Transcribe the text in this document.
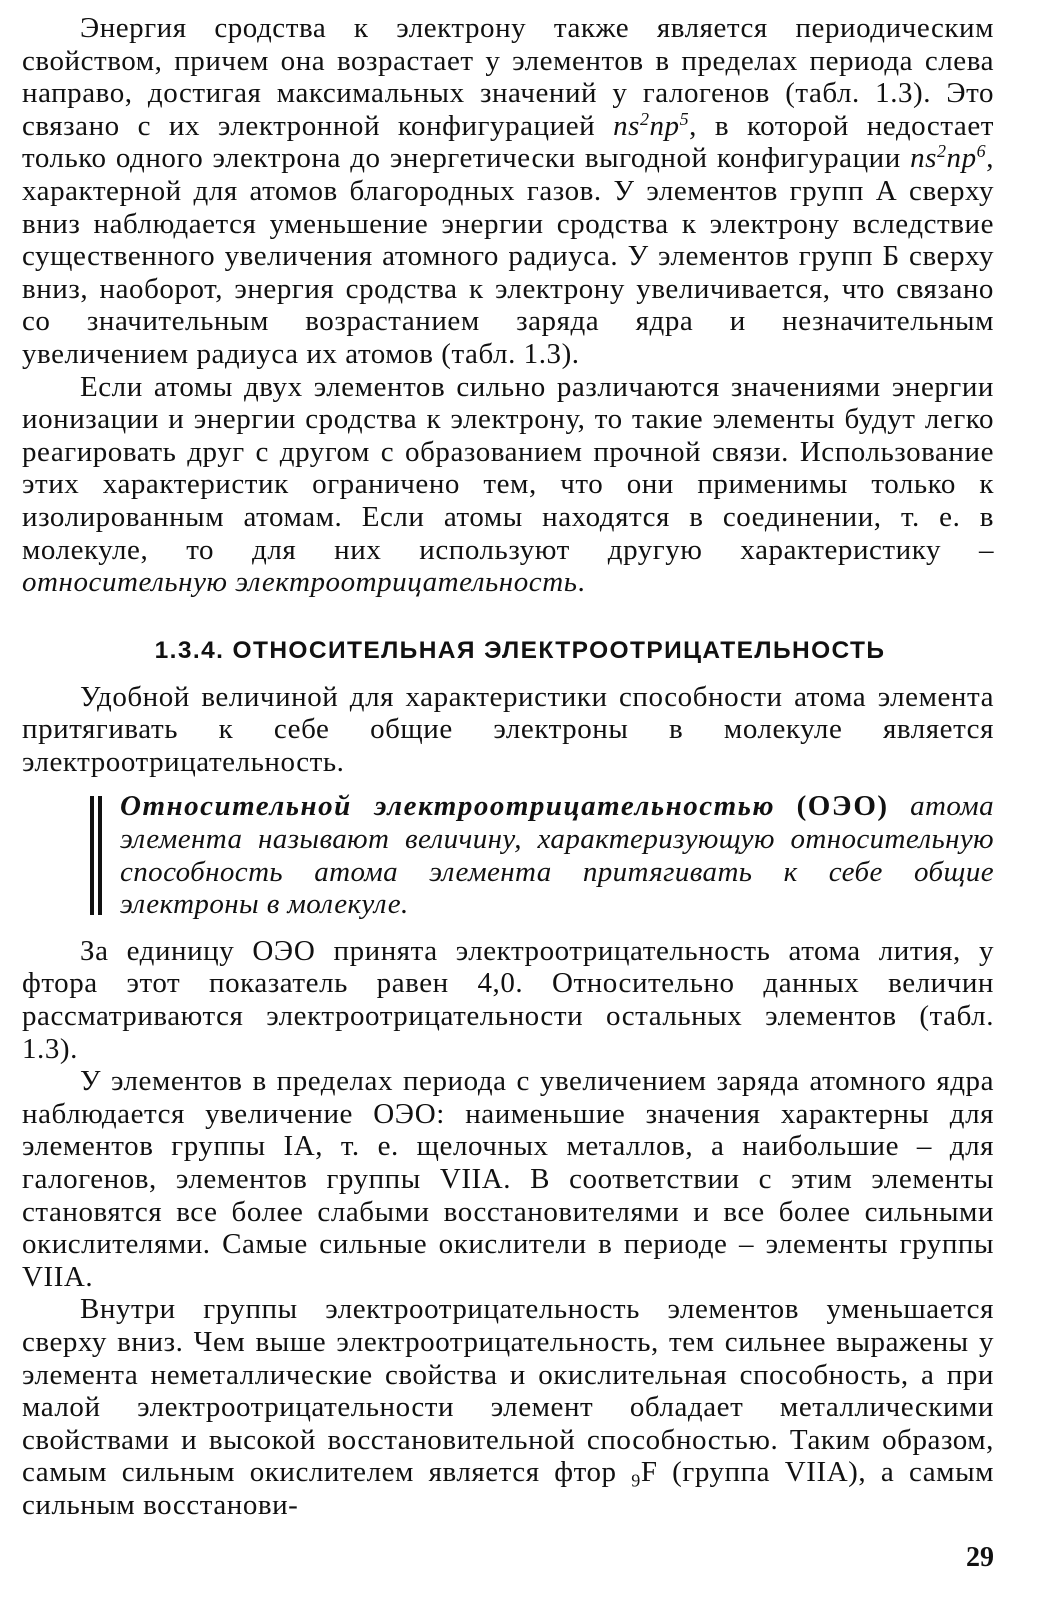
Энергия сродства к электрону также является периодическим свойством, причем она возрастает у элементов в пределах периода слева направо, достигая максимальных значений у галогенов (табл. 1.3). Это связано с их электронной конфигурацией $ns^2np^5$, в которой недостает только одного электрона до энергетически выгодной конфигурации $ns^2np^6$, характерной для атомов благородных газов. У элементов групп А сверху вниз наблюдается уменьшение энергии сродства к электрону вследствие существенного увеличения атомного радиуса. У элементов групп Б сверху вниз, наоборот, энергия сродства к электрону увеличивается, что связано со значительным возрастанием заряда ядра и незначительным увеличением радиуса их атомов (табл. 1.3).

Если атомы двух элементов сильно различаются значениями энергии ионизации и энергии сродства к электрону, то такие элементы будут легко реагировать друг с другом с образованием прочной связи. Использование этих характеристик ограничено тем, что они применимы только к изолированным атомам. Если атомы находятся в соединении, т. е. в молекуле, то для них используют другую характеристику – относительную электроотрицательность.

1.3.4. ОТНОСИТЕЛЬНАЯ ЭЛЕКТРООТРИЦАТЕЛЬНОСТЬ

Удобной величиной для характеристики способности атома элемента притягивать к себе общие электроны в молекуле является электроотрицательность.

Относительной электроотрицательностью (ОЭО) атома элемента называют величину, характеризующую относительную способность атома элемента притягивать к себе общие электроны в молекуле.

За единицу ОЭО принята электроотрицательность атома лития, у фтора этот показатель равен 4,0. Относительно данных величин рассматриваются электроотрицательности остальных элементов (табл. 1.3).

У элементов в пределах периода с увеличением заряда атомного ядра наблюдается увеличение ОЭО: наименьшие значения характерны для элементов группы IA, т. е. щелочных металлов, а наибольшие – для галогенов, элементов группы VIIA. В соответствии с этим элементы становятся все более слабыми восстановителями и все более сильными окислителями. Самые сильные окислители в периоде – элементы группы VIIA.

Внутри группы электроотрицательность элементов уменьшается сверху вниз. Чем выше электроотрицательность, тем сильнее выражены у элемента неметаллические свойства и окислительная способность, а при малой электроотрицательности элемент обладает металлическими свойствами и высокой восстановительной способностью. Таким образом, самым сильным окислителем является фтор 9F (группа VIIA), а самым сильным восстанови-

29
